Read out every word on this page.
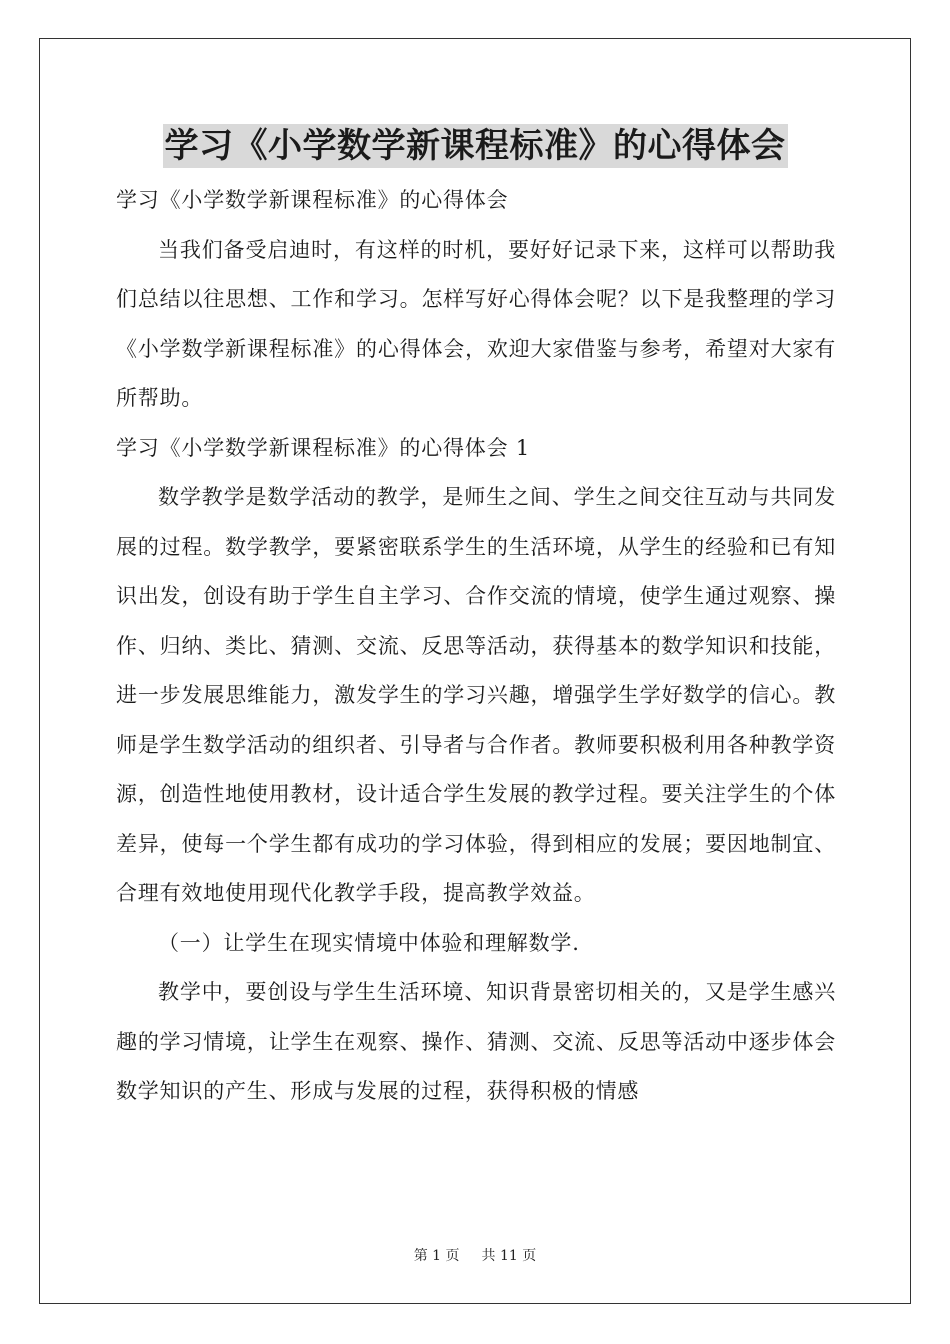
学习《小学数学新课程标准》的心得体会

学习《小学数学新课程标准》的心得体会

当我们备受启迪时，有这样的时机，要好好记录下来，这样可以帮助我们总结以往思想、工作和学习。怎样写好心得体会呢？以下是我整理的学习《小学数学新课程标准》的心得体会，欢迎大家借鉴与参考，希望对大家有所帮助。

学习《小学数学新课程标准》的心得体会 1

数学教学是数学活动的教学，是师生之间、学生之间交往互动与共同发展的过程。数学教学，要紧密联系学生的生活环境，从学生的经验和已有知识出发，创设有助于学生自主学习、合作交流的情境，使学生通过观察、操作、归纳、类比、猜测、交流、反思等活动，获得基本的数学知识和技能，进一步发展思维能力，激发学生的学习兴趣，增强学生学好数学的信心。教师是学生数学活动的组织者、引导者与合作者。教师要积极利用各种教学资源，创造性地使用教材，设计适合学生发展的教学过程。要关注学生的个体差异，使每一个学生都有成功的学习体验，得到相应的发展；要因地制宜、合理有效地使用现代化教学手段，提高教学效益。

（一）让学生在现实情境中体验和理解数学.

教学中，要创设与学生生活环境、知识背景密切相关的，又是学生感兴趣的学习情境，让学生在观察、操作、猜测、交流、反思等活动中逐步体会数学知识的产生、形成与发展的过程，获得积极的情感

第 1 页 共 11 页
